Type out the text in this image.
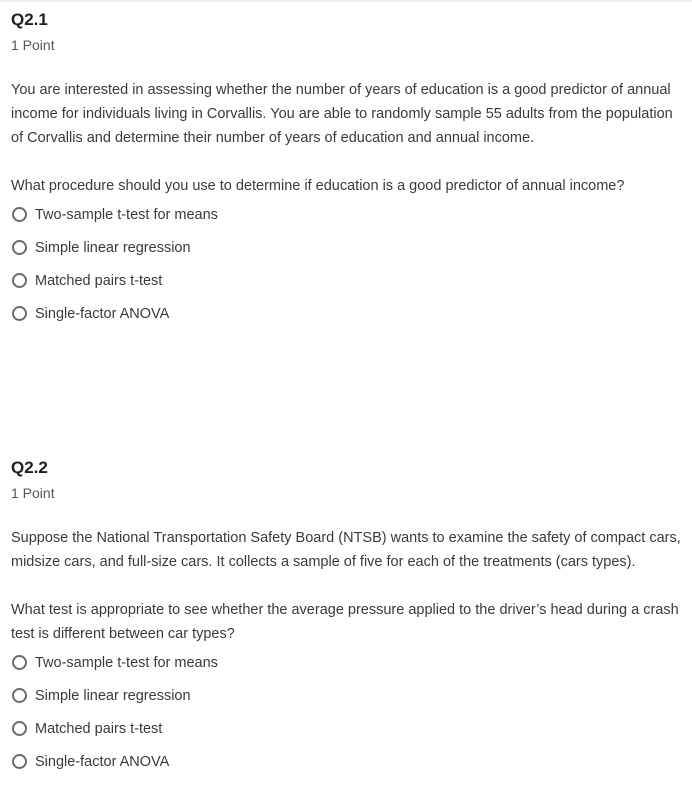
Q2.1

1 Point

You are interested in assessing whether the number of years of education is a good predictor of annual income for individuals living in Corvallis. You are able to randomly sample 55 adults from the population of Corvallis and determine their number of years of education and annual income.

What procedure should you use to determine if education is a good predictor of annual income?

Two-sample t-test for means
Simple linear regression
Matched pairs t-test
Single-factor ANOVA
Q2.2

1 Point

Suppose the National Transportation Safety Board (NTSB) wants to examine the safety of compact cars, midsize cars, and full-size cars. It collects a sample of five for each of the treatments (cars types).

What test is appropriate to see whether the average pressure applied to the driver’s head during a crash test is different between car types?

Two-sample t-test for means
Simple linear regression
Matched pairs t-test
Single-factor ANOVA
